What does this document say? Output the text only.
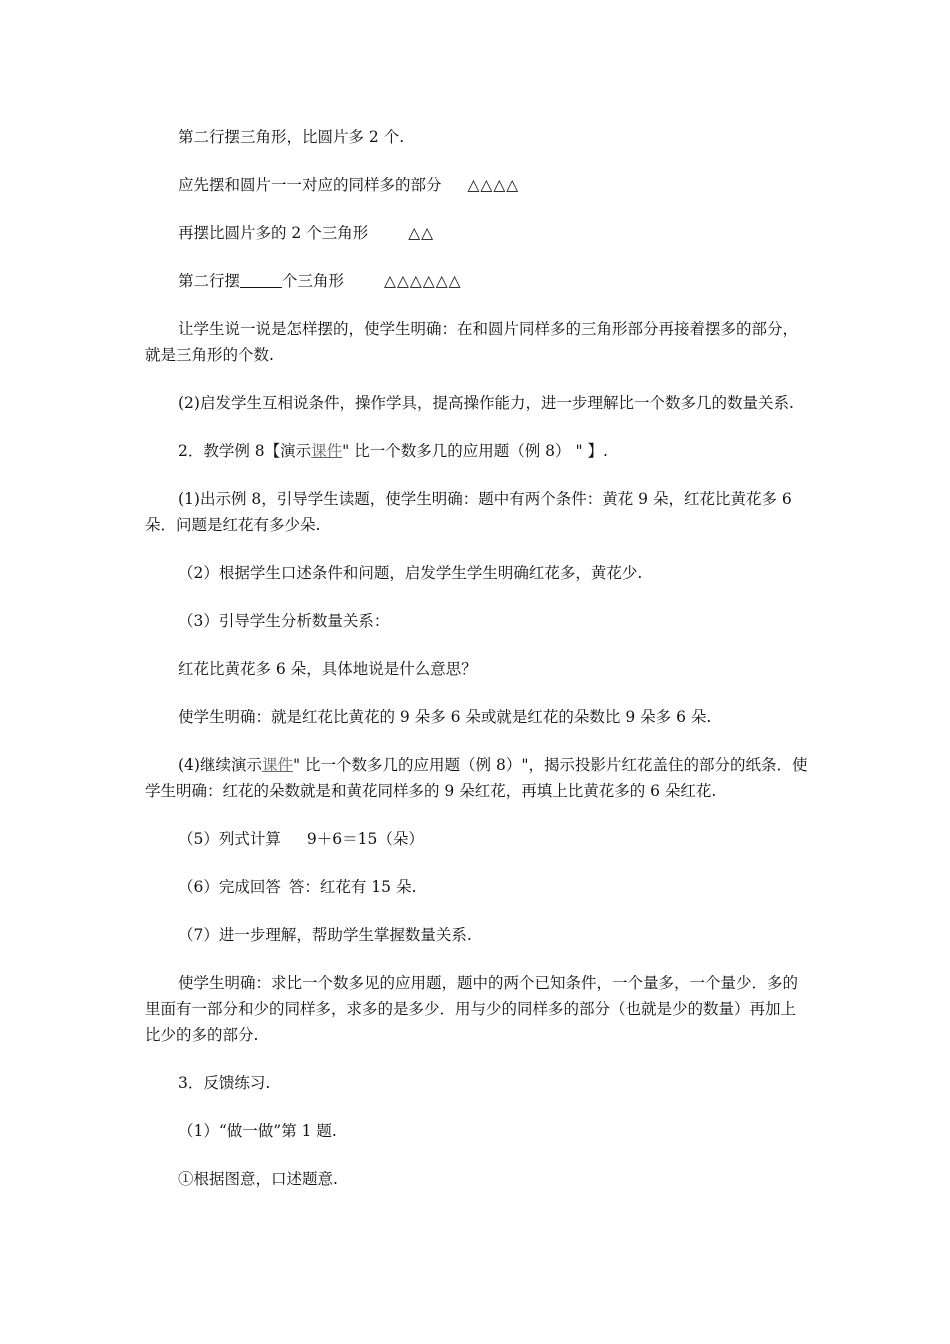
第二行摆三角形，比圆片多 2 个.

应先摆和圆片一一对应的同样多的部分 △△△△

再摆比圆片多的 2 个三角形	△△

第二行摆	个三角形	△△△△△△

让学生说一说是怎样摆的，使学生明确：在和圆片同样多的三角形部分再接着摆多的部分，就是三角形的个数.

(2)启发学生互相说条件，操作学具，提高操作能力，进一步理解比一个数多几的数量关系.

2．教学例 8【演示课件" 比一个数多几的应用题（例 8） " 】.

(1)出示例 8，引导学生读题，使学生明确：题中有两个条件：黄花 9 朵，红花比黄花多 6 朵．问题是红花有多少朵.

（2）根据学生口述条件和问题，启发学生学生明确红花多，黄花少.

（3）引导学生分析数量关系：

红花比黄花多 6 朵，具体地说是什么意思？

使学生明确：就是红花比黄花的 9 朵多 6 朵或就是红花的朵数比 9 朵多 6 朵.

(4)继续演示课件" 比一个数多几的应用题（例 8）"，揭示投影片红花盖住的部分的纸条．使学生明确：红花的朵数就是和黄花同样多的 9 朵红花，再填上比黄花多的 6 朵红花.

（5）列式计算 9＋6＝15（朵）

（6）完成回答 答：红花有 15 朵.

（7）进一步理解，帮助学生掌握数量关系.

使学生明确：求比一个数多见的应用题，题中的两个已知条件，一个量多，一个量少．多的里面有一部分和少的同样多，求多的是多少．用与少的同样多的部分（也就是少的数量）再加上比少的多的部分.

3．反馈练习.

（1）“做一做”第 1 题.

①根据图意，口述题意.
